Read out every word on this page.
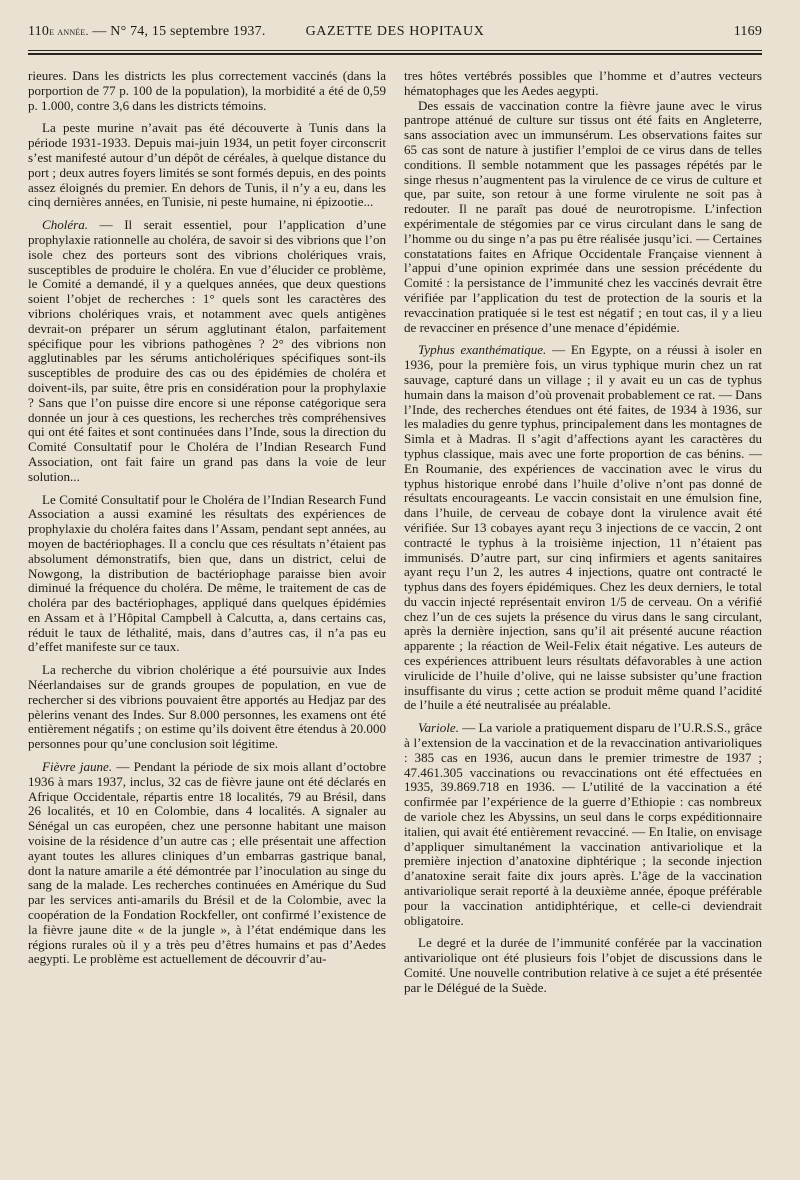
110e année. — N° 74, 15 septembre 1937.	GAZETTE DES HOPITAUX	1169

rieures. Dans les districts les plus correctement vaccinés (dans la porportion de 77 p. 100 de la population), la morbidité a été de 0,59 p. 1.000, contre 3,6 dans les districts témoins.

La peste murine n’avait pas été découverte à Tunis dans la période 1931-1933. Depuis mai-juin 1934, un petit foyer circonscrit s’est manifesté autour d’un dépôt de céréales, à quelque distance du port ; deux autres foyers limités se sont formés depuis, en des points assez éloignés du premier. En dehors de Tunis, il n’y a eu, dans les cinq dernières années, en Tunisie, ni peste humaine, ni épizootie...

Choléra. — Il serait essentiel, pour l’application d’une prophylaxie rationnelle au choléra, de savoir si des vibrions que l’on isole chez des porteurs sont des vibrions cholériques vrais, susceptibles de produire le choléra. En vue d’élucider ce problème, le Comité a demandé, il y a quelques années, que deux questions soient l’objet de recherches : 1° quels sont les caractères des vibrions cholériques vrais, et notamment avec quels antigènes devrait-on préparer un sérum agglutinant étalon, parfaitement spécifique pour les vibrions pathogènes ? 2° des vibrions non agglutinables par les sérums anticholériques spécifiques sont-ils susceptibles de produire des cas ou des épidémies de choléra et doivent-ils, par suite, être pris en considération pour la prophylaxie ? Sans que l’on puisse dire encore si une réponse catégorique sera donnée un jour à ces questions, les recherches très compréhensives qui ont été faites et sont continuées dans l’Inde, sous la direction du Comité Consultatif pour le Choléra de l’Indian Research Fund Association, ont fait faire un grand pas dans la voie de leur solution...

Le Comité Consultatif pour le Choléra de l’Indian Research Fund Association a aussi examiné les résultats des expériences de prophylaxie du choléra faites dans l’Assam, pendant sept années, au moyen de bactériophages. Il a conclu que ces résultats n’étaient pas absolument démonstratifs, bien que, dans un district, celui de Nowgong, la distribution de bactériophage paraisse bien avoir diminué la fréquence du choléra. De même, le traitement de cas de choléra par des bactériophages, appliqué dans quelques épidémies en Assam et à l’Hôpital Campbell à Calcutta, a, dans certains cas, réduit le taux de léthalité, mais, dans d’autres cas, il n’a pas eu d’effet manifeste sur ce taux.

La recherche du vibrion cholérique a été poursuivie aux Indes Néerlandaises sur de grands groupes de population, en vue de rechercher si des vibrions pouvaient être apportés au Hedjaz par des pèlerins venant des Indes. Sur 8.000 personnes, les examens ont été entièrement négatifs ; on estime qu’ils doivent être étendus à 20.000 personnes pour qu’une conclusion soit légitime.

Fièvre jaune. — Pendant la période de six mois allant d’octobre 1936 à mars 1937, inclus, 32 cas de fièvre jaune ont été déclarés en Afrique Occidentale, répartis entre 18 localités, 79 au Brésil, dans 26 localités, et 10 en Colombie, dans 4 localités. A signaler au Sénégal un cas européen, chez une personne habitant une maison voisine de la résidence d’un autre cas ; elle présentait une affection ayant toutes les allures cliniques d’un embarras gastrique banal, dont la nature amarile a été démontrée par l’inoculation au singe du sang de la malade. Les recherches continuées en Amérique du Sud par les services anti-amarils du Brésil et de la Colombie, avec la coopération de la Fondation Rockfeller, ont confirmé l’existence de la fièvre jaune dite « de la jungle », à l’état endémique dans les régions rurales où il y a très peu d’êtres humains et pas d’Aedes aegypti. Le problème est actuellement de découvrir d’au-

tres hôtes vertébrés possibles que l’homme et d’autres vecteurs hématophages que les Aedes aegypti.

Des essais de vaccination contre la fièvre jaune avec le virus pantrope atténué de culture sur tissus ont été faits en Angleterre, sans association avec un immunsérum. Les observations faites sur 65 cas sont de nature à justifier l’emploi de ce virus dans de telles conditions. Il semble notamment que les passages répétés par le singe rhesus n’augmentent pas la virulence de ce virus de culture et que, par suite, son retour à une forme virulente ne soit pas à redouter. Il ne paraît pas doué de neurotropisme. L’infection expérimentale de stégomies par ce virus circulant dans le sang de l’homme ou du singe n’a pas pu être réalisée jusqu’ici. — Certaines constatations faites en Afrique Occidentale Française viennent à l’appui d’une opinion exprimée dans une session précédente du Comité : la persistance de l’immunité chez les vaccinés devrait être vérifiée par l’application du test de protection de la souris et la revaccination pratiquée si le test est négatif ; en tout cas, il y a lieu de revacciner en présence d’une menace d’épidémie.

Typhus exanthématique. — En Egypte, on a réussi à isoler en 1936, pour la première fois, un virus typhique murin chez un rat sauvage, capturé dans un village ; il y avait eu un cas de typhus humain dans la maison d’où provenait probablement ce rat. — Dans l’Inde, des recherches étendues ont été faites, de 1934 à 1936, sur les maladies du genre typhus, principalement dans les montagnes de Simla et à Madras. Il s’agit d’affections ayant les caractères du typhus classique, mais avec une forte proportion de cas bénins. — En Roumanie, des expériences de vaccination avec le virus du typhus historique enrobé dans l’huile d’olive n’ont pas donné de résultats encourageants. Le vaccin consistait en une émulsion fine, dans l’huile, de cerveau de cobaye dont la virulence avait été vérifiée. Sur 13 cobayes ayant reçu 3 injections de ce vaccin, 2 ont contracté le typhus à la troisième injection, 11 n’étaient pas immunisés. D’autre part, sur cinq infirmiers et agents sanitaires ayant reçu l’un 2, les autres 4 injections, quatre ont contracté le typhus dans des foyers épidémiques. Chez les deux derniers, le total du vaccin injecté représentait environ 1/5 de cerveau. On a vérifié chez l’un de ces sujets la présence du virus dans le sang circulant, après la dernière injection, sans qu’il ait présenté aucune réaction apparente ; la réaction de Weil-Felix était négative. Les auteurs de ces expériences attribuent leurs résultats défavorables à une action virulicide de l’huile d’olive, qui ne laisse subsister qu’une fraction insuffisante du virus ; cette action se produit même quand l’acidité de l’huile a été neutralisée au préalable.

Variole. — La variole a pratiquement disparu de l’U.R.S.S., grâce à l’extension de la vaccination et de la revaccination antivarioliques : 385 cas en 1936, aucun dans le premier trimestre de 1937 ; 47.461.305 vaccinations ou revaccinations ont été effectuées en 1935, 39.869.718 en 1936. — L’utilité de la vaccination a été confirmée par l’expérience de la guerre d’Ethiopie : cas nombreux de variole chez les Abyssins, un seul dans le corps expéditionnaire italien, qui avait été entièrement revacciné. — En Italie, on envisage d’appliquer simultanément la vaccination antivariolique et la première injection d’anatoxine diphtérique ; la seconde injection d’anatoxine serait faite dix jours après. L’âge de la vaccination antivariolique serait reporté à la deuxième année, époque préférable pour la vaccination antidiphtérique, et celle-ci deviendrait obligatoire.

Le degré et la durée de l’immunité conférée par la vaccination antivariolique ont été plusieurs fois l’objet de discussions dans le Comité. Une nouvelle contribution relative à ce sujet a été présentée par le Délégué de la Suède.
